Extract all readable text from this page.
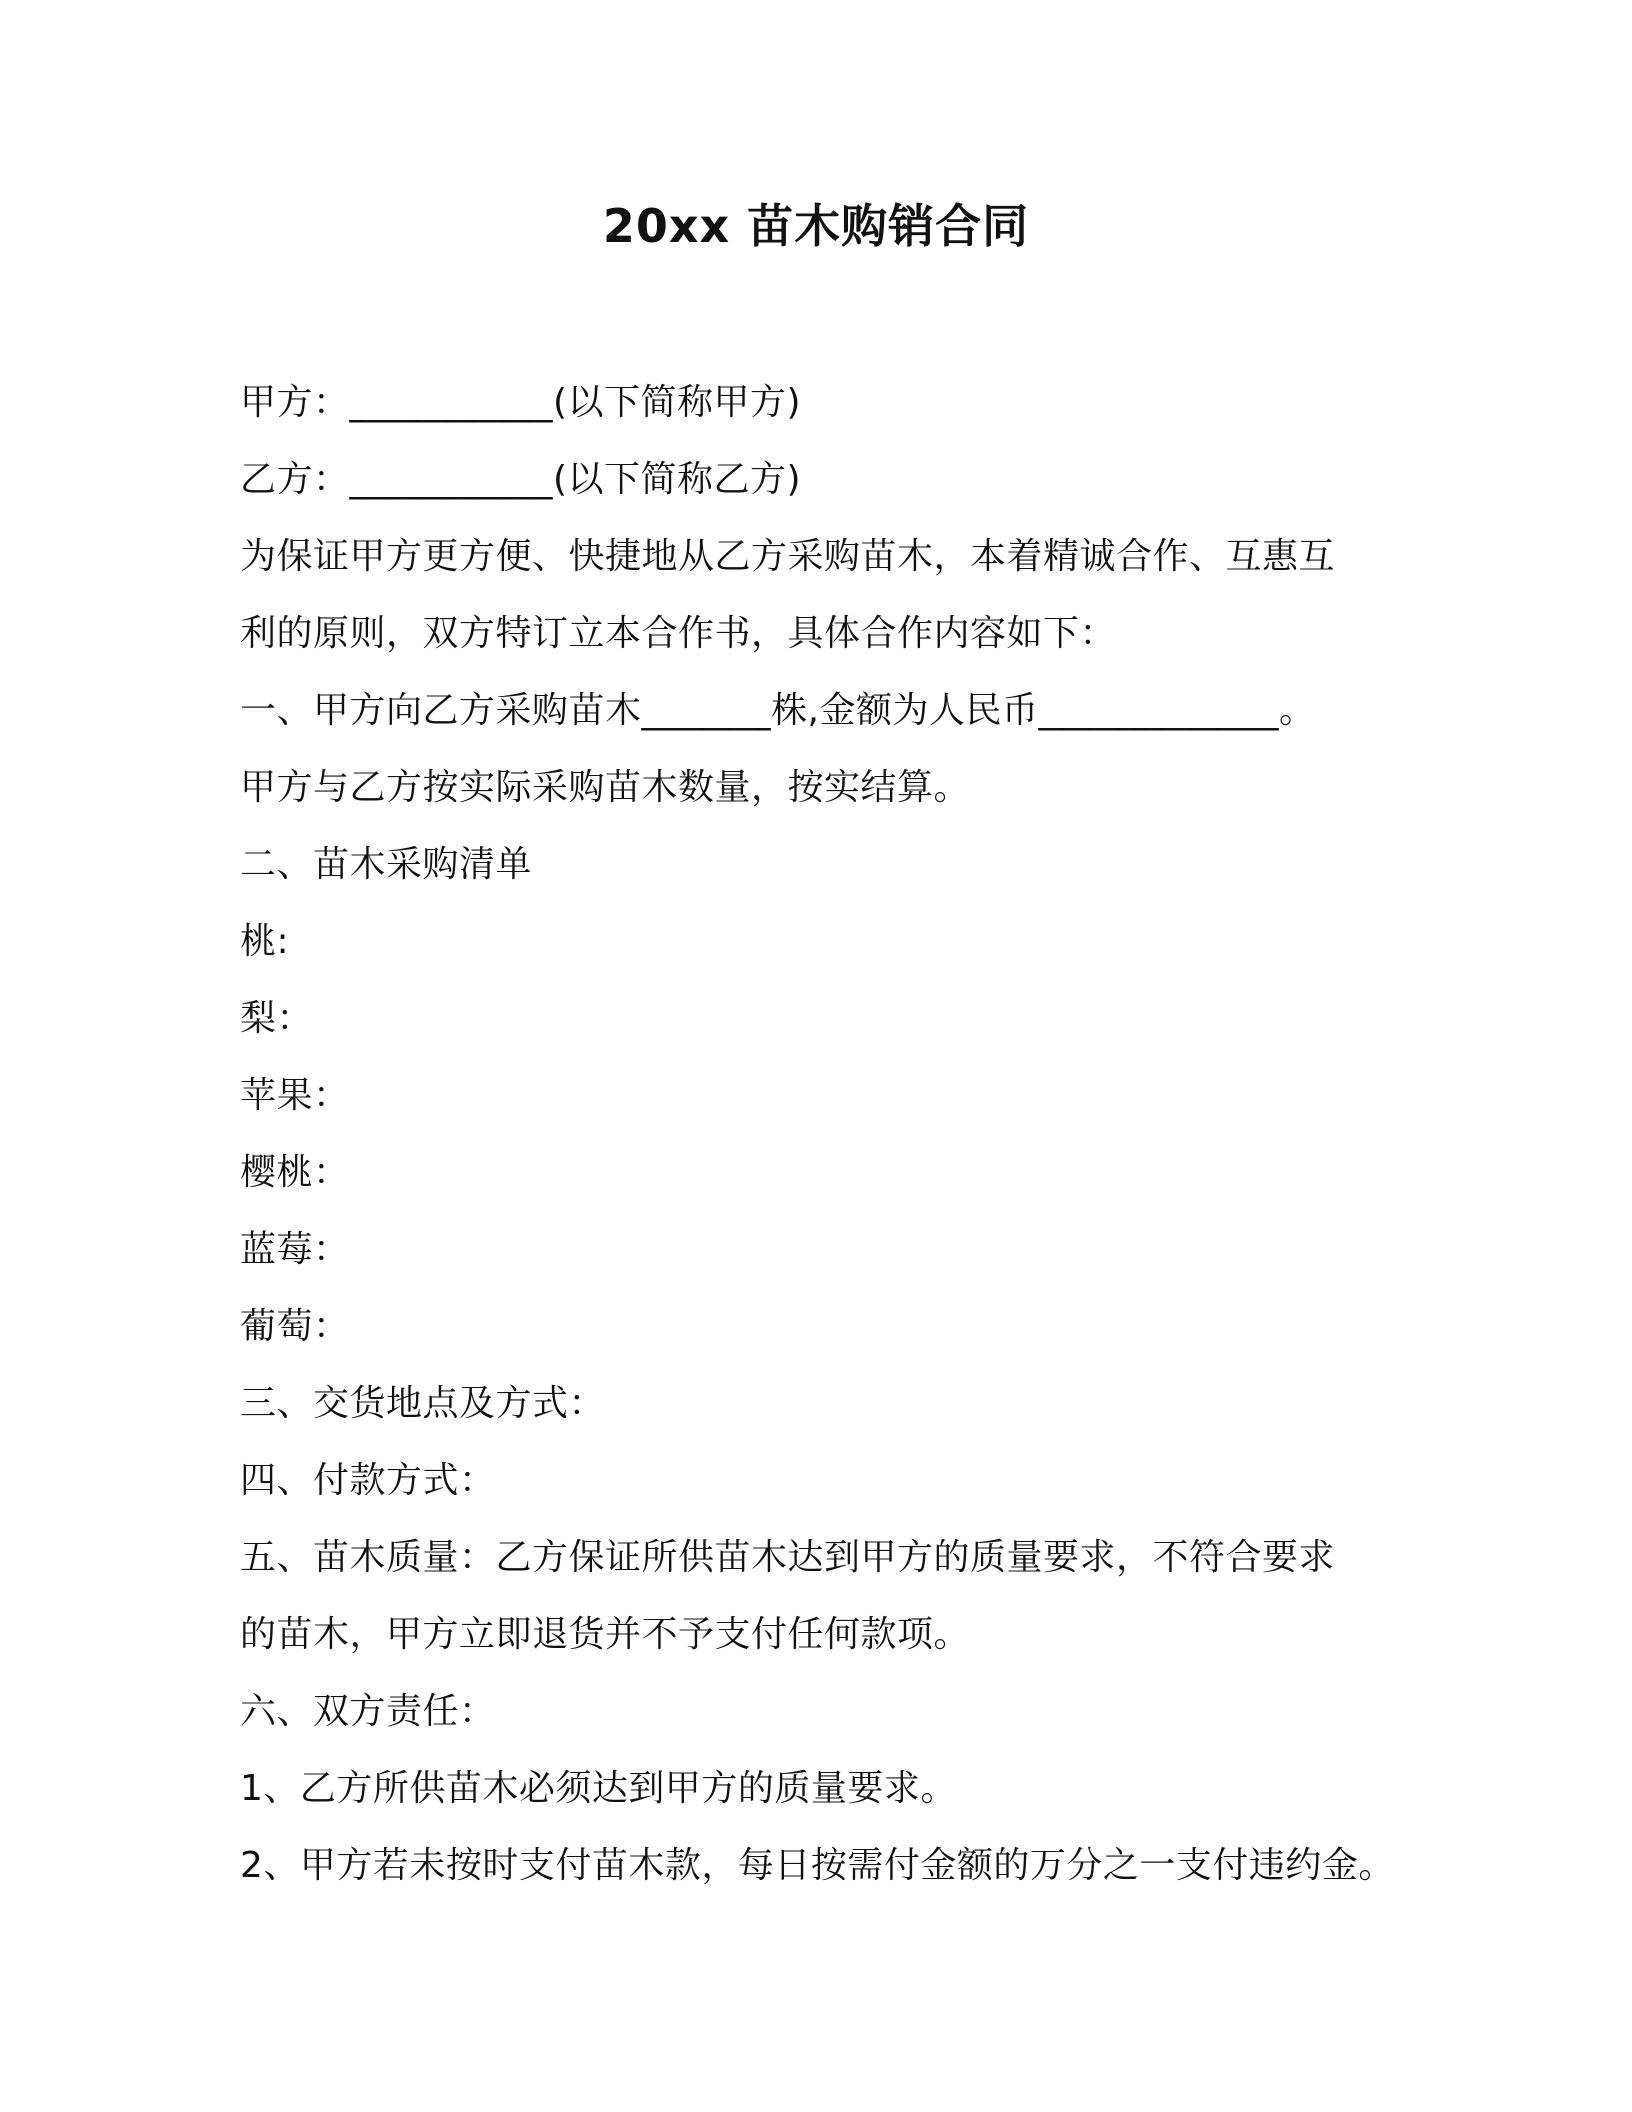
20xx 苗木购销合同
甲方：___________(以下简称甲方)
乙方：___________(以下简称乙方)
为保证甲方更方便、快捷地从乙方采购苗木，本着精诚合作、互惠互
利的原则，双方特订立本合作书，具体合作内容如下：
一、甲方向乙方采购苗木_______株,金额为人民币_____________。
甲方与乙方按实际采购苗木数量，按实结算。
二、苗木采购清单
桃:
梨：
苹果：
樱桃：
蓝莓：
葡萄：
三、交货地点及方式：
四、付款方式：
五、苗木质量：乙方保证所供苗木达到甲方的质量要求，不符合要求
的苗木，甲方立即退货并不予支付任何款项。
六、双方责任：
1、乙方所供苗木必须达到甲方的质量要求。
2、甲方若未按时支付苗木款，每日按需付金额的万分之一支付违约金。
